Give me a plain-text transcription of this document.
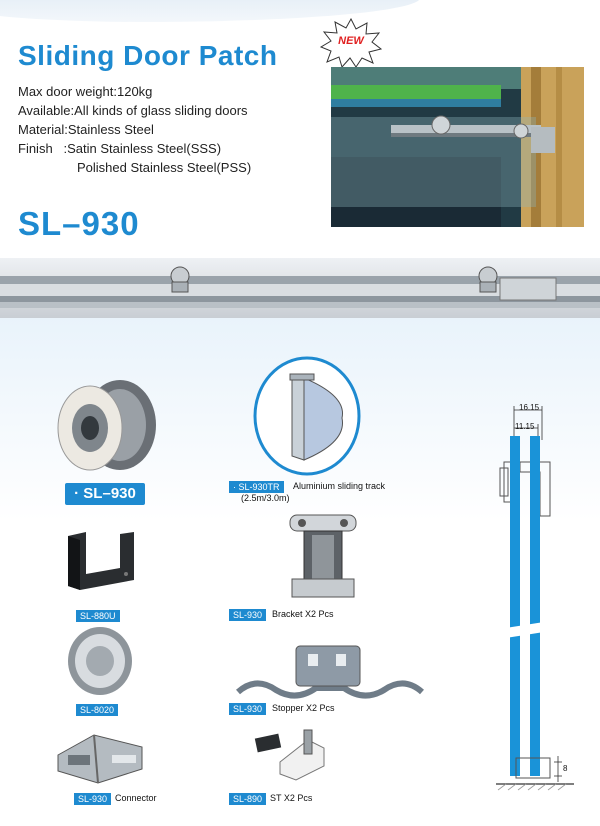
Sliding Door Patch	NEW
Max door weight:120kg
Available:All kinds of glass sliding doors
Material:Stainless Steel
Finish   :Satin Stainless Steel(SSS)
Polished Stainless Steel(PSS)
SL–930
· SL–930	· SL-930TR	Aluminium sliding track
(2.5m/3.0m)
SL-880U	SL-930	Bracket X2 Pcs
SL-8020	SL-930	Stopper X2 Pcs
SL-930 Connector	SL-890 ST X2 Pcs
16.15
11.15
8
